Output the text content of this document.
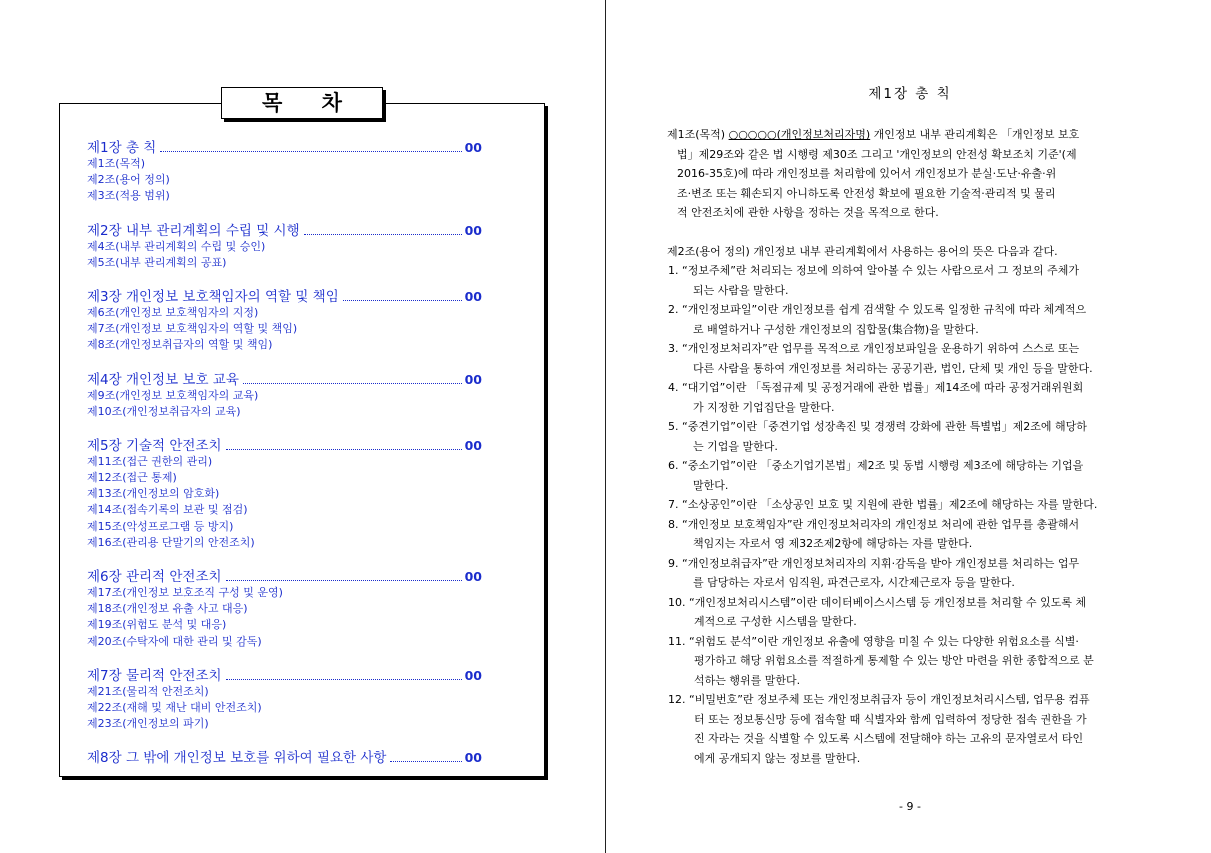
목 차
제1장 총 칙	00
제1조(목적)
제2조(용어 정의)
제3조(적용 범위)
제2장 내부 관리계획의 수립 및 시행	00
제4조(내부 관리계획의 수립 및 승인)
제5조(내부 관리계획의 공표)
제3장 개인정보 보호책임자의 역할 및 책임	00
제6조(개인정보 보호책임자의 지정)
제7조(개인정보 보호책임자의 역할 및 책임)
제8조(개인정보취급자의 역할 및 책임)
제4장 개인정보 보호 교육	00
제9조(개인정보 보호책임자의 교육)
제10조(개인정보취급자의 교육)
제5장 기술적 안전조치	00
제11조(접근 권한의 관리)
제12조(접근 통제)
제13조(개인정보의 암호화)
제14조(접속기록의 보관 및 점검)
제15조(악성프로그램 등 방지)
제16조(관리용 단말기의 안전조치)
제6장 관리적 안전조치	00
제17조(개인정보 보호조직 구성 및 운영)
제18조(개인정보 유출 사고 대응)
제19조(위험도 분석 및 대응)
제20조(수탁자에 대한 관리 및 감독)
제7장 물리적 안전조치	00
제21조(물리적 안전조치)
제22조(재해 및 재난 대비 안전조치)
제23조(개인정보의 파기)
제8장 그 밖에 개인정보 보호를 위하여 필요한 사항	00
제1장 총 칙
제1조(목적) ○○○○○(개인정보처리자명) 개인정보 내부 관리계획은 「개인정보 보호
법」제29조와 같은 법 시행령 제30조 그리고 '개인정보의 안전성 확보조치 기준'(제
2016-35호)에 따라 개인정보를 처리함에 있어서 개인정보가 분실·도난·유출·위
조·변조 또는 훼손되지 아니하도록 안전성 확보에 필요한 기술적·관리적 및 물리
적 안전조치에 관한 사항을 정하는 것을 목적으로 한다.
제2조(용어 정의) 개인정보 내부 관리계획에서 사용하는 용어의 뜻은 다음과 같다.
1. “정보주체”란 처리되는 정보에 의하여 알아볼 수 있는 사람으로서 그 정보의 주체가
되는 사람을 말한다.
2. “개인정보파일”이란 개인정보를 쉽게 검색할 수 있도록 일정한 규칙에 따라 체계적으
로 배열하거나 구성한 개인정보의 집합물(集合物)을 말한다.
3. “개인정보처리자”란 업무를 목적으로 개인정보파일을 운용하기 위하여 스스로 또는
다른 사람을 통하여 개인정보를 처리하는 공공기관, 법인, 단체 및 개인 등을 말한다.
4. “대기업”이란 「독점규제 및 공정거래에 관한 법률」제14조에 따라 공정거래위원회
가 지정한 기업집단을 말한다.
5. “중견기업”이란「중견기업 성장촉진 및 경쟁력 강화에 관한 특별법」제2조에 해당하
는 기업을 말한다.
6. “중소기업”이란 「중소기업기본법」제2조 및 동법 시행령 제3조에 해당하는 기업을
말한다.
7. “소상공인”이란 「소상공인 보호 및 지원에 관한 법률」제2조에 해당하는 자를 말한다.
8. “개인정보 보호책임자”란 개인정보처리자의 개인정보 처리에 관한 업무를 총괄해서
책임지는 자로서 영 제32조제2항에 해당하는 자를 말한다.
9. “개인정보취급자”란 개인정보처리자의 지휘·감독을 받아 개인정보를 처리하는 업무
를 담당하는 자로서 임직원, 파견근로자, 시간제근로자 등을 말한다.
10. “개인정보처리시스템”이란 데이터베이스시스템 등 개인정보를 처리할 수 있도록 체
계적으로 구성한 시스템을 말한다.
11. “위험도 분석”이란 개인정보 유출에 영향을 미칠 수 있는 다양한 위험요소를 식별·
평가하고 해당 위험요소를 적절하게 통제할 수 있는 방안 마련을 위한 종합적으로 분
석하는 행위를 말한다.
12. “비밀번호”란 정보주체 또는 개인정보취급자 등이 개인정보처리시스템, 업무용 컴퓨
터 또는 정보통신망 등에 접속할 때 식별자와 함께 입력하여 정당한 접속 권한을 가
진 자라는 것을 식별할 수 있도록 시스템에 전달해야 하는 고유의 문자열로서 타인
에게 공개되지 않는 정보를 말한다.
- 9 -
